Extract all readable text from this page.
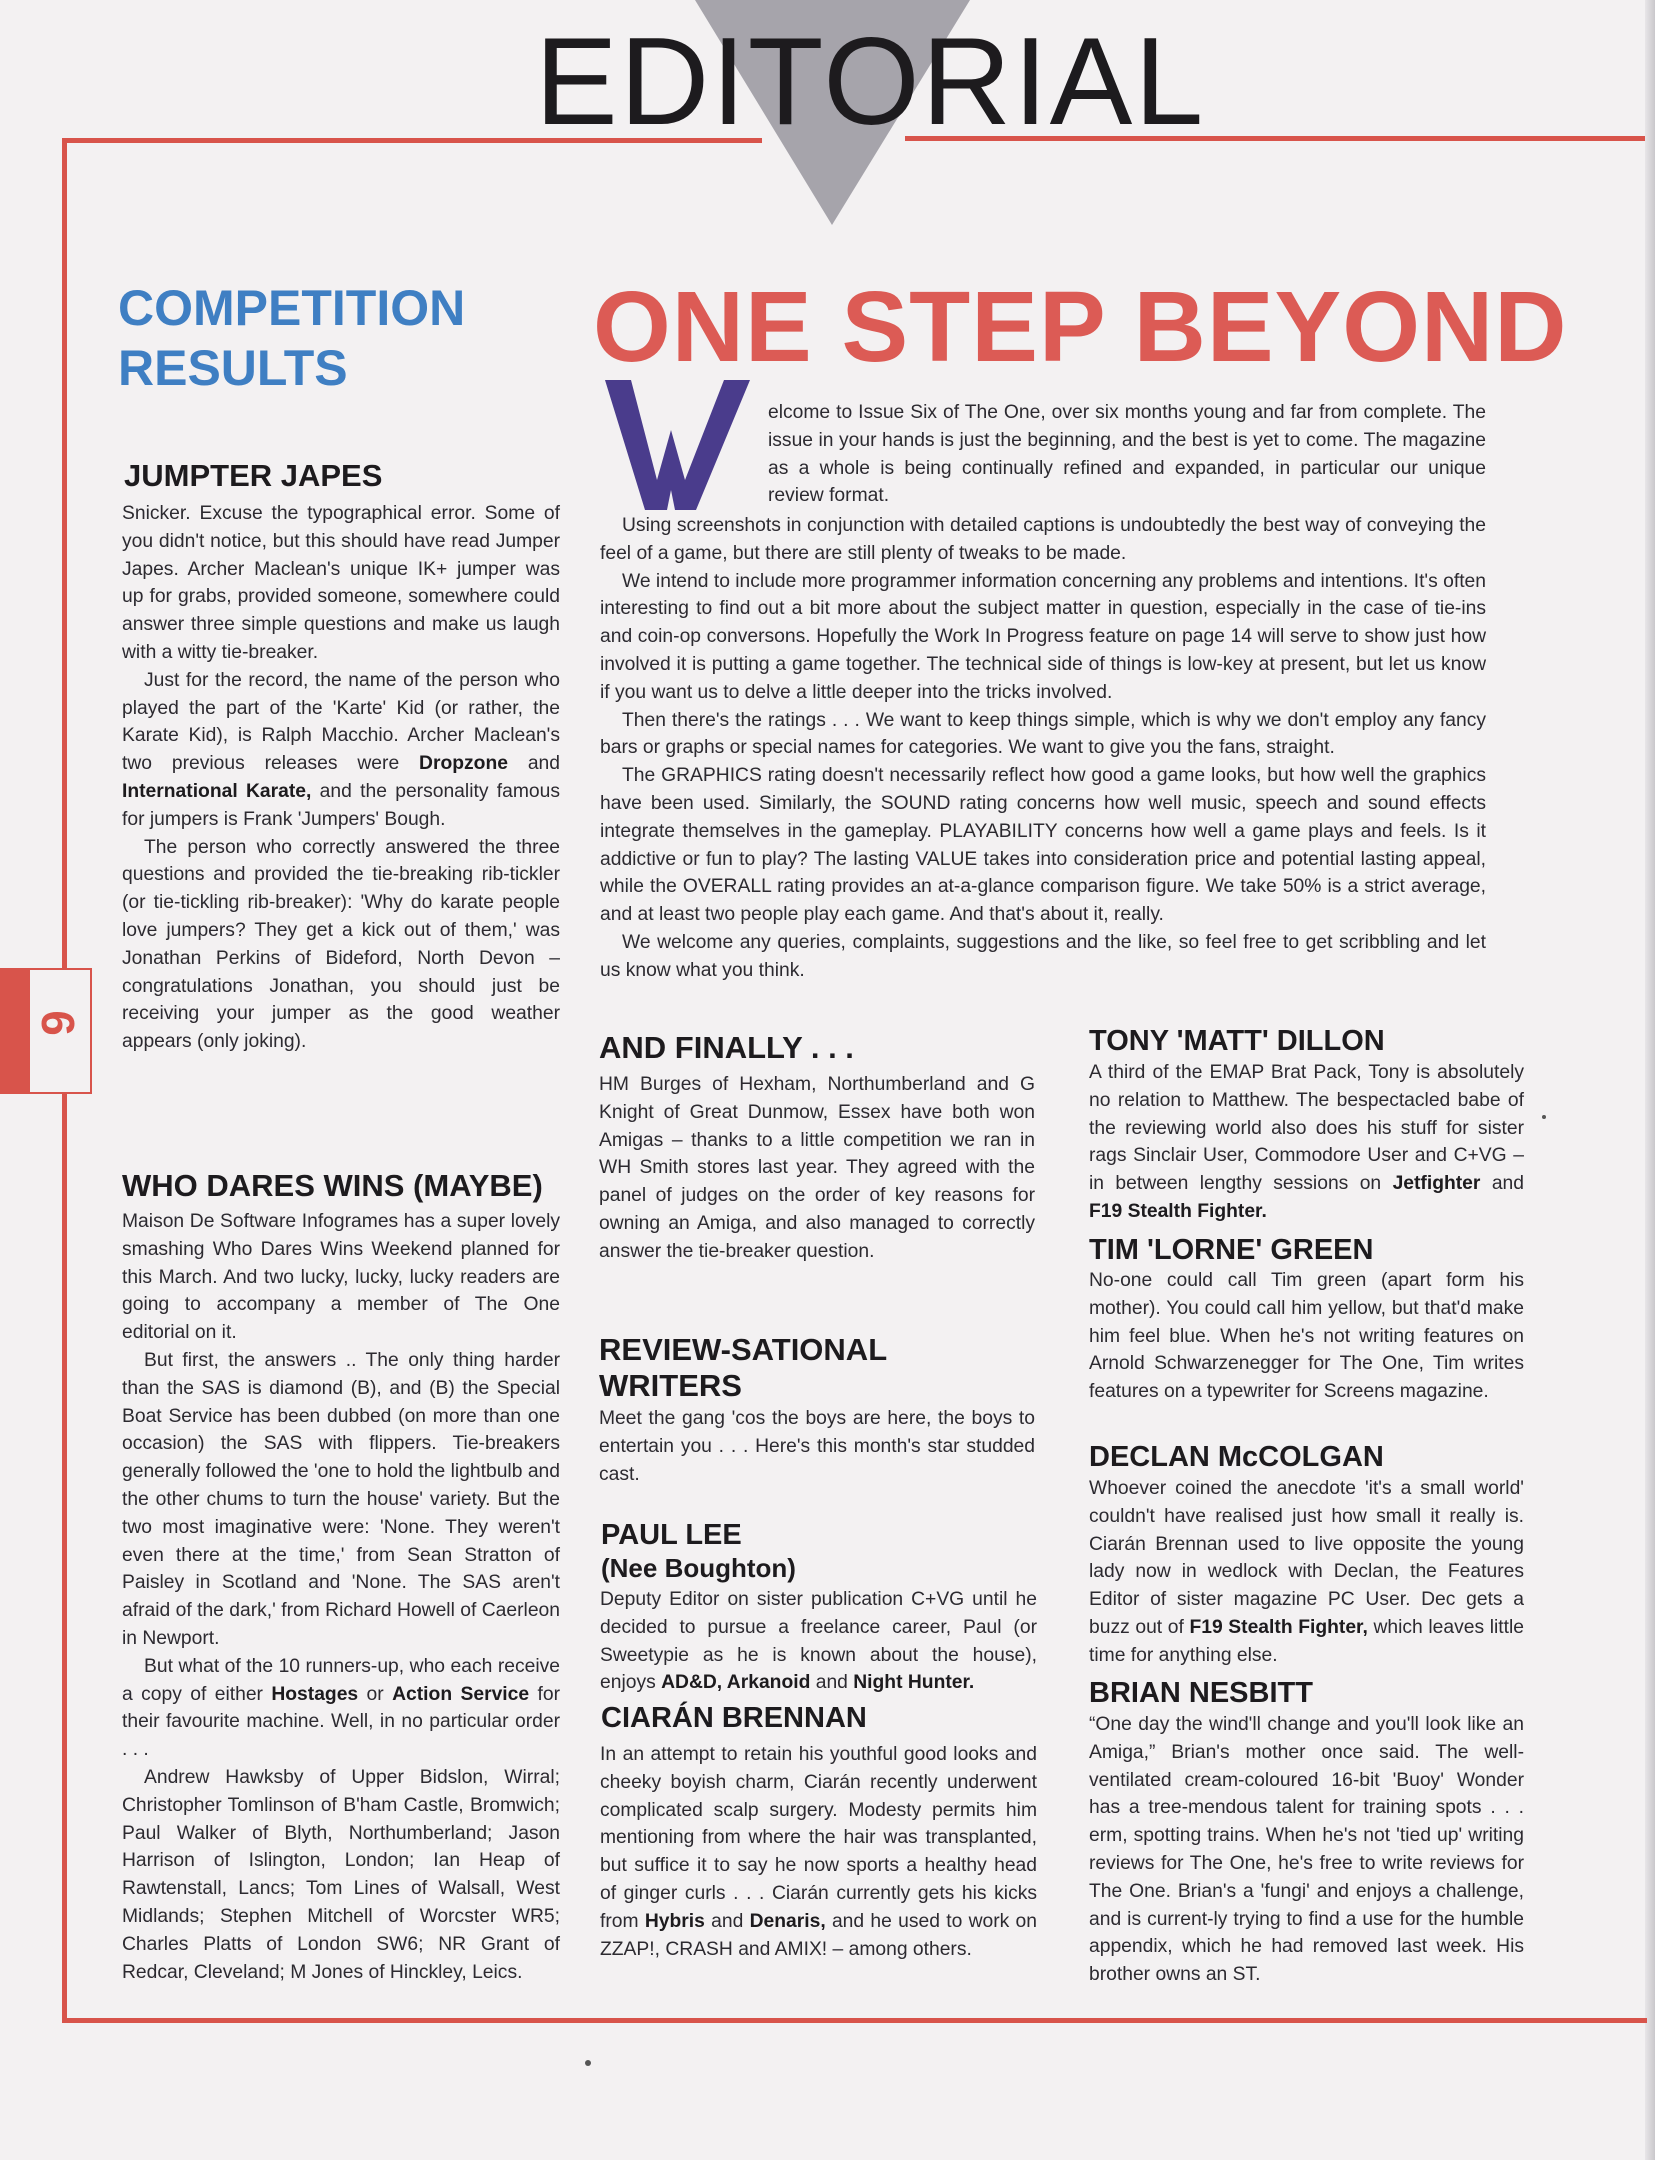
6
EDITORIAL
COMPETITION
RESULTS	ONE STEP BEYOND
JUMPTER JAPES

Snicker. Excuse the typographical error. Some of you didn't notice, but this should have read Jumper Japes. Archer Maclean's unique IK+ jumper was up for grabs, provided someone, somewhere could answer three simple questions and make us laugh with a witty tie-breaker.

Just for the record, the name of the person who played the part of the 'Karte' Kid (or rather, the Karate Kid), is Ralph Macchio. Archer Maclean's two previous releases were Dropzone and International Karate, and the personality famous for jumpers is Frank 'Jumpers' Bough.

The person who correctly answered the three questions and provided the tie-breaking rib-tickler (or tie-tickling rib-breaker): 'Why do karate people love jumpers? They get a kick out of them,' was Jonathan Perkins of Bideford, North Devon – congratulations Jonathan, you should just be receiving your jumper as the good weather appears (only joking).

WHO DARES WINS (MAYBE)

Maison De Software Infogrames has a super lovely smashing Who Dares Wins Weekend planned for this March. And two lucky, lucky, lucky readers are going to accompany a member of The One editorial on it.

But first, the answers .. The only thing harder than the SAS is diamond (B), and (B) the Special Boat Service has been dubbed (on more than one occasion) the SAS with flippers. Tie-breakers generally followed the 'one to hold the lightbulb and the other chums to turn the house' variety. But the two most imaginative were: 'None. They weren't even there at the time,' from Sean Stratton of Paisley in Scotland and 'None. The SAS aren't afraid of the dark,' from Richard Howell of Caerleon in Newport.

But what of the 10 runners-up, who each receive a copy of either Hostages or Action Service for their favourite machine. Well, in no particular order . . .

Andrew Hawksby of Upper Bidslon, Wirral; Christopher Tomlinson of B'ham Castle, Bromwich; Paul Walker of Blyth, Northumberland; Jason Harrison of Islington, London; Ian Heap of Rawtenstall, Lancs; Tom Lines of Walsall, West Midlands; Stephen Mitchell of Worcster WR5; Charles Platts of London SW6; NR Grant of Redcar, Cleveland; M Jones of Hinckley, Leics.

elcome to Issue Six of The One, over six months young and far from complete. The issue in your hands is just the beginning, and the best is yet to come. The magazine as a whole is being continually refined and expanded, in particular our unique review format.

Using screenshots in conjunction with detailed captions is undoubtedly the best way of conveying the feel of a game, but there are still plenty of tweaks to be made.

We intend to include more programmer information concerning any problems and intentions. It's often interesting to find out a bit more about the subject matter in question, especially in the case of tie-ins and coin-op conversons. Hopefully the Work In Progress feature on page 14 will serve to show just how involved it is putting a game together. The technical side of things is low-key at present, but let us know if you want us to delve a little deeper into the tricks involved.

Then there's the ratings . . . We want to keep things simple, which is why we don't employ any fancy bars or graphs or special names for categories. We want to give you the fans, straight.

The GRAPHICS rating doesn't necessarily reflect how good a game looks, but how well the graphics have been used. Similarly, the SOUND rating concerns how well music, speech and sound effects integrate themselves in the gameplay. PLAYABILITY concerns how well a game plays and feels. Is it addictive or fun to play? The lasting VALUE takes into consideration price and potential lasting appeal, while the OVERALL rating provides an at-a-glance comparison figure. We take 50% is a strict average, and at least two people play each game. And that's about it, really.

We welcome any queries, complaints, suggestions and the like, so feel free to get scribbling and let us know what you think.

AND FINALLY . . .
HM Burges of Hexham, Northumberland and G Knight of Great Dunmow, Essex have both won Amigas – thanks to a little competition we ran in WH Smith stores last year. They agreed with the panel of judges on the order of key reasons for owning an Amiga, and also managed to correctly answer the tie-breaker question.
REVIEW-SATIONAL
WRITERS
Meet the gang 'cos the boys are here, the boys to entertain you . . . Here's this month's star studded cast.
PAUL LEE
(Nee Boughton)
Deputy Editor on sister publication C+VG until he decided to pursue a freelance career, Paul (or Sweetypie as he is known about the house), enjoys AD&D, Arkanoid and Night Hunter.
CIARÁN BRENNAN
In an attempt to retain his youthful good looks and cheeky boyish charm, Ciarán recently underwent complicated scalp surgery. Modesty permits him mentioning from where the hair was transplanted, but suffice it to say he now sports a healthy head of ginger curls . . . Ciarán currently gets his kicks from Hybris and Denaris, and he used to work on ZZAP!, CRASH and AMIX! – among others.
TONY 'MATT' DILLON
A third of the EMAP Brat Pack, Tony is absolutely no relation to Matthew. The bespectacled babe of the reviewing world also does his stuff for sister rags Sinclair User, Commodore User and C+VG – in between lengthy sessions on Jetfighter and F19 Stealth Fighter.
TIM 'LORNE' GREEN
No-one could call Tim green (apart form his mother). You could call him yellow, but that'd make him feel blue. When he's not writing features on Arnold Schwarzenegger for The One, Tim writes features on a typewriter for Screens magazine.
DECLAN McCOLGAN
Whoever coined the anecdote 'it's a small world' couldn't have realised just how small it really is. Ciarán Brennan used to live opposite the young lady now in wedlock with Declan, the Features Editor of sister magazine PC User. Dec gets a buzz out of F19 Stealth Fighter, which leaves little time for anything else.
BRIAN NESBITT
“One day the wind'll change and you'll look like an Amiga,” Brian's mother once said. The well-ventilated cream-coloured 16-bit 'Buoy' Wonder has a tree-mendous talent for training spots . . . erm, spotting trains. When he's not 'tied up' writing reviews for The One, he's free to write reviews for The One. Brian's a 'fungi' and enjoys a challenge, and is current-ly trying to find a use for the humble appendix, which he had removed last week. His brother owns an ST.
